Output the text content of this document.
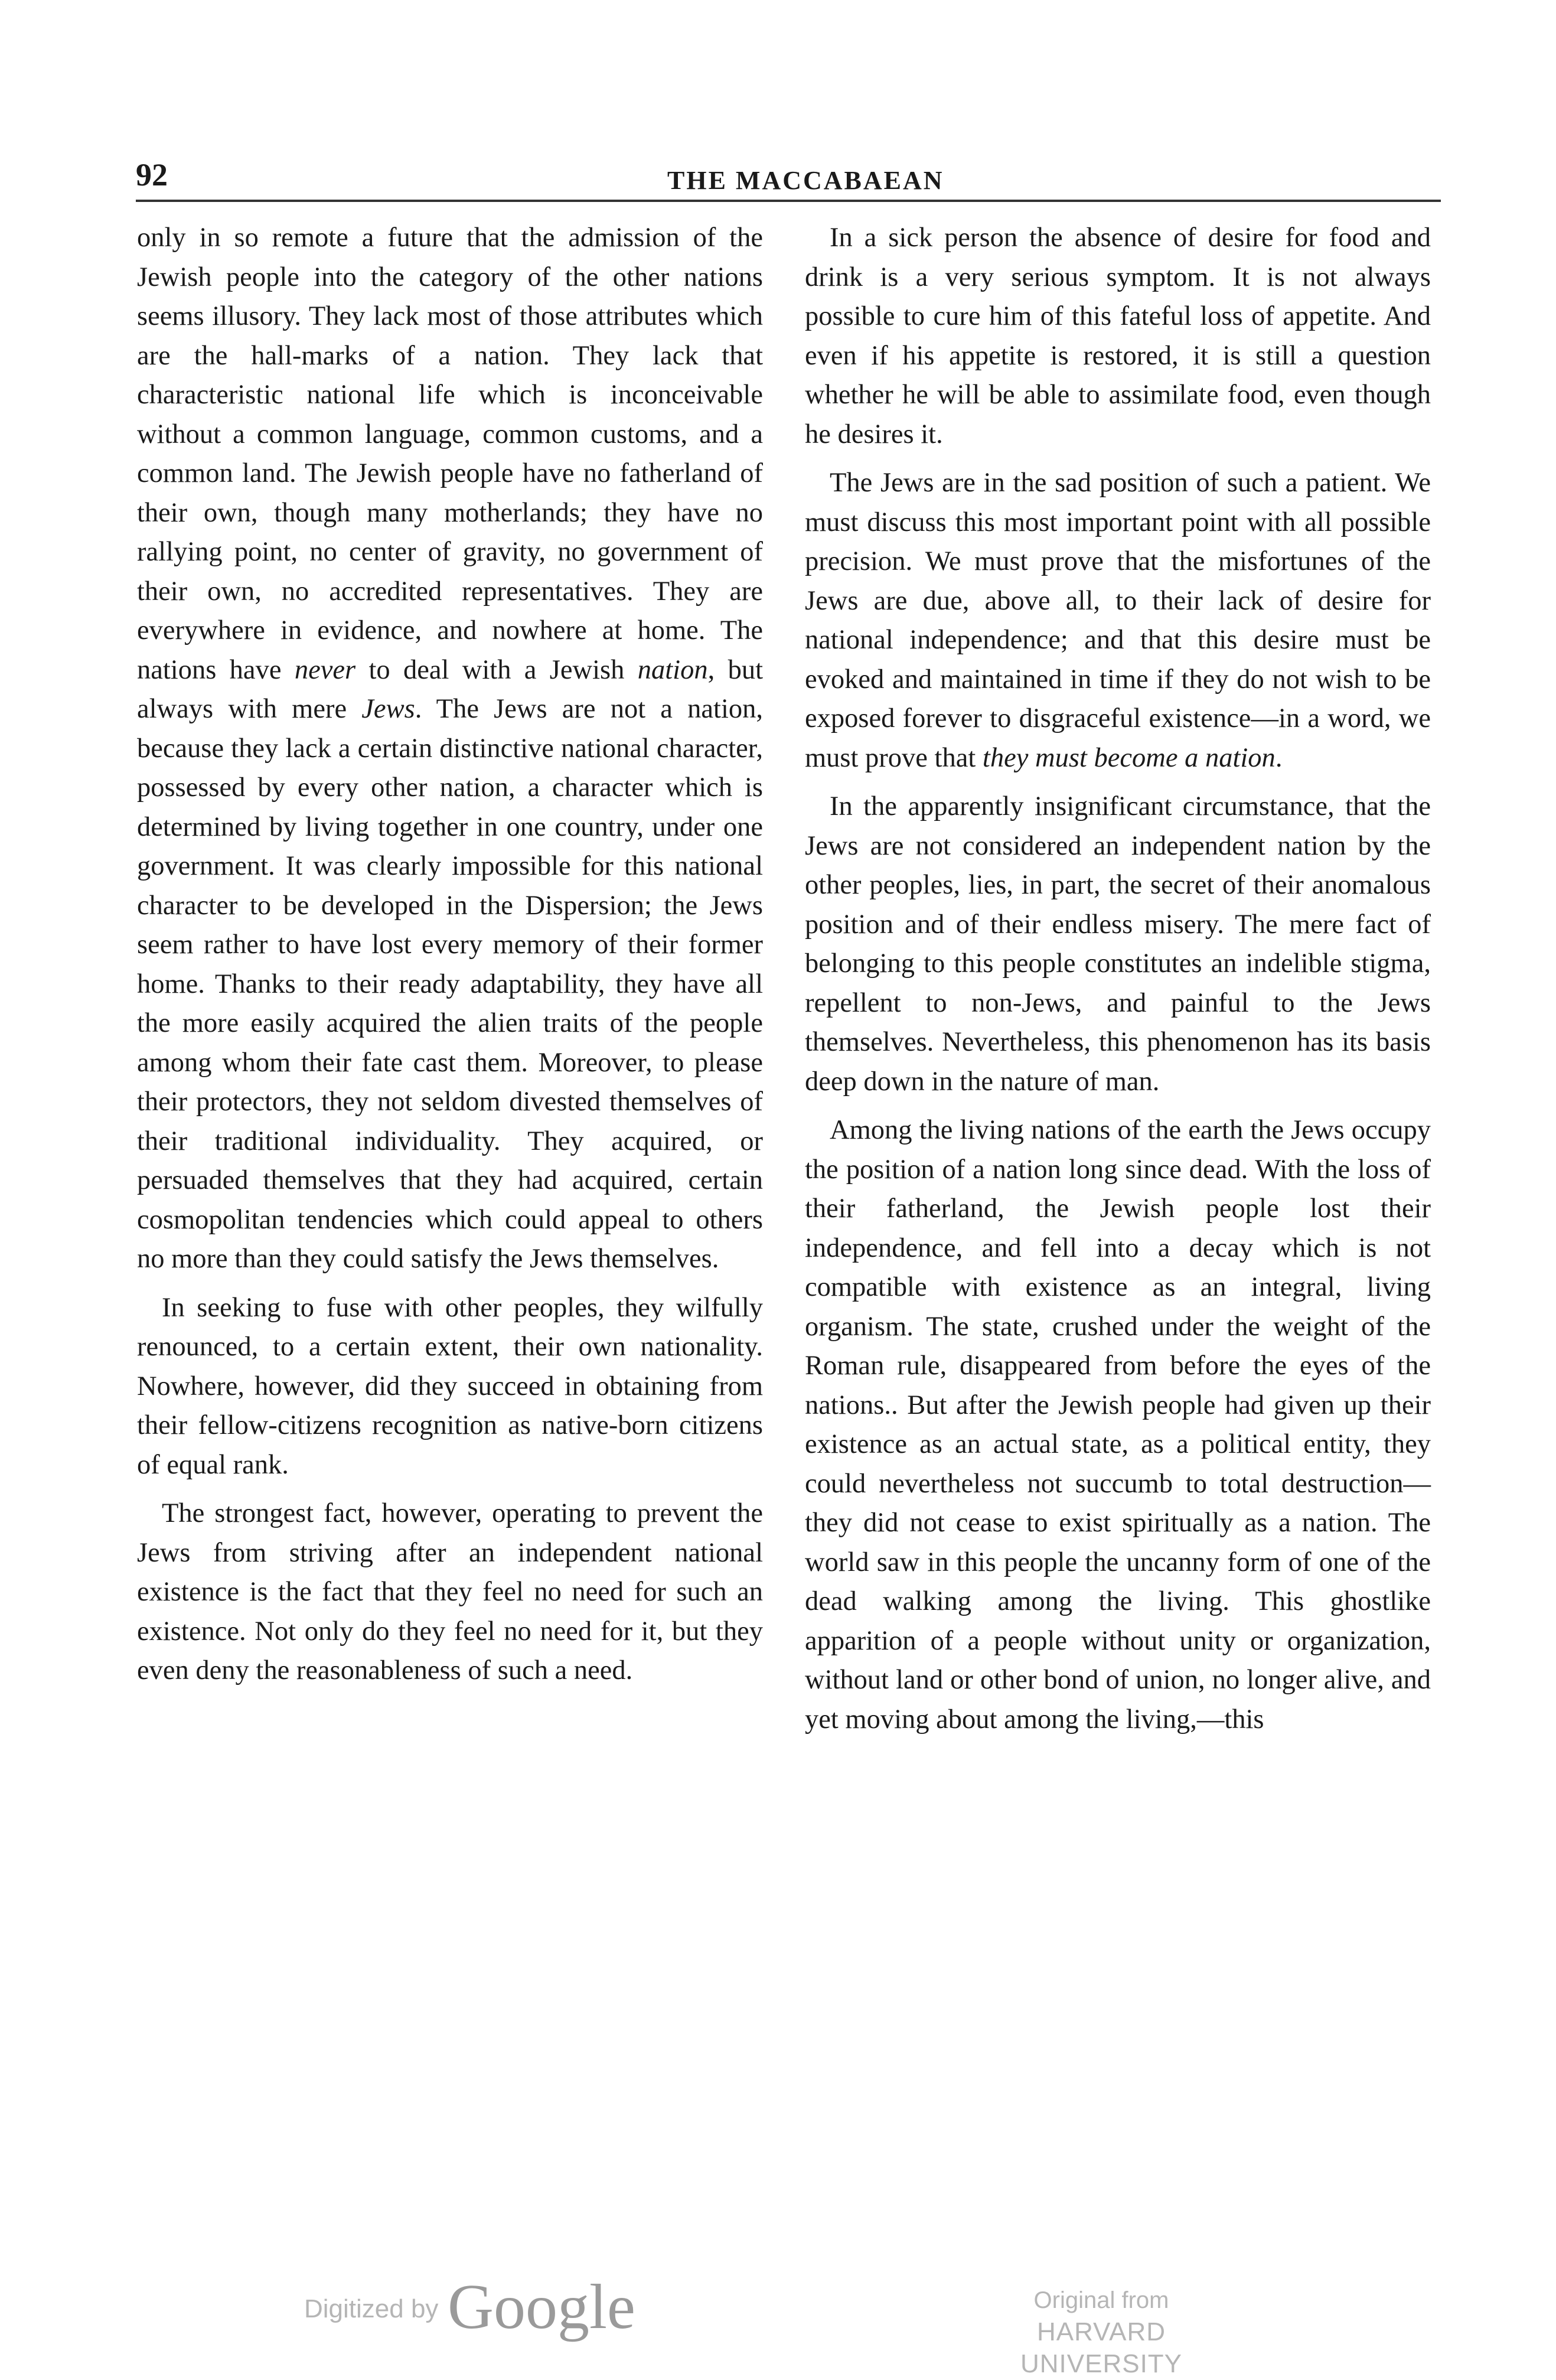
92	THE MACCABAEAN

only in so remote a future that the admission of the Jewish people into the category of the other nations seems illusory. They lack most of those attributes which are the hall-marks of a nation. They lack that characteristic national life which is inconceivable without a common language, common customs, and a common land. The Jewish people have no fatherland of their own, though many motherlands; they have no rallying point, no center of gravity, no government of their own, no accredited representatives. They are everywhere in evidence, and nowhere at home. The nations have never to deal with a Jewish nation, but always with mere Jews. The Jews are not a nation, because they lack a certain distinctive national character, possessed by every other nation, a character which is determined by living together in one country, under one government. It was clearly impossible for this national character to be developed in the Dispersion; the Jews seem rather to have lost every memory of their former home. Thanks to their ready adaptability, they have all the more easily acquired the alien traits of the people among whom their fate cast them. Moreover, to please their protectors, they not seldom divested themselves of their traditional individuality. They acquired, or persuaded themselves that they had acquired, certain cosmopolitan tendencies which could appeal to others no more than they could satisfy the Jews themselves.

In seeking to fuse with other peoples, they wilfully renounced, to a certain extent, their own nationality. Nowhere, however, did they succeed in obtaining from their fellow-citizens recognition as native-born citizens of equal rank.

The strongest fact, however, operating to prevent the Jews from striving after an independent national existence is the fact that they feel no need for such an existence. Not only do they feel no need for it, but they even deny the reasonableness of such a need.

In a sick person the absence of desire for food and drink is a very serious symptom. It is not always possible to cure him of this fateful loss of appetite. And even if his appetite is restored, it is still a question whether he will be able to assimilate food, even though he desires it.

The Jews are in the sad position of such a patient. We must discuss this most important point with all possible precision. We must prove that the misfortunes of the Jews are due, above all, to their lack of desire for national independence; and that this desire must be evoked and maintained in time if they do not wish to be exposed forever to disgraceful existence—in a word, we must prove that they must become a nation.

In the apparently insignificant circumstance, that the Jews are not considered an independent nation by the other peoples, lies, in part, the secret of their anomalous position and of their endless misery. The mere fact of belonging to this people constitutes an indelible stigma, repellent to non-Jews, and painful to the Jews themselves. Nevertheless, this phenomenon has its basis deep down in the nature of man.

Among the living nations of the earth the Jews occupy the position of a nation long since dead. With the loss of their fatherland, the Jewish people lost their independence, and fell into a decay which is not compatible with existence as an integral, living organism. The state, crushed under the weight of the Roman rule, disappeared from before the eyes of the nations.. But after the Jewish people had given up their existence as an actual state, as a political entity, they could nevertheless not succumb to total destruction—they did not cease to exist spiritually as a nation. The world saw in this people the uncanny form of one of the dead walking among the living. This ghostlike apparition of a people without unity or organization, without land or other bond of union, no longer alive, and yet moving about among the living,—this

Digitized by Google	Original from
HARVARD UNIVERSITY
